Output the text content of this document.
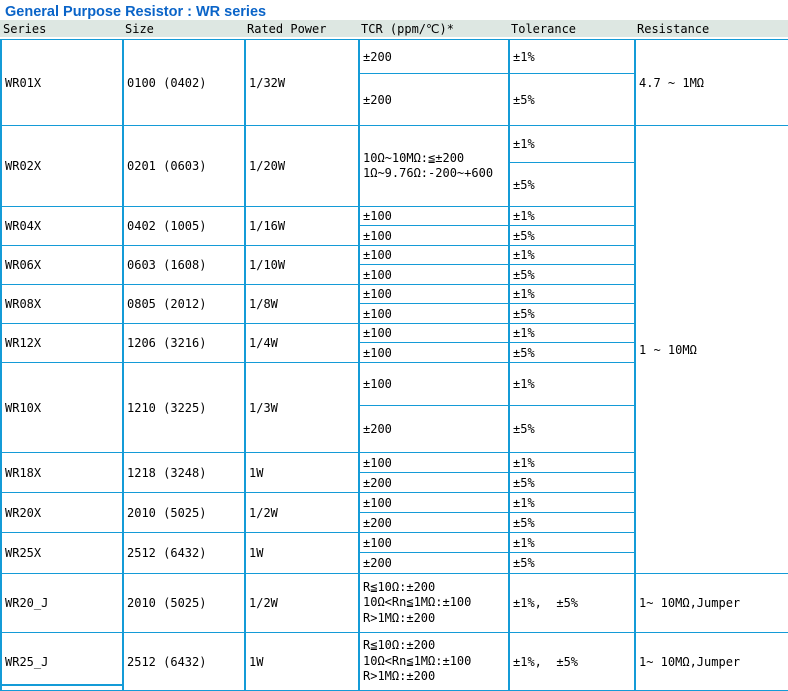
General Purpose Resistor : WR series
Series	Size	Rated Power	TCR (ppm/℃)*	Tolerance	Resistance
WR01X	0100 (0402)	1/32W	±200	±1%	4.7 ~ 1MΩ
			±200	±5%	
WR02X	0201 (0603)	1/20W	10Ω~10MΩ:≦±200
1Ω~9.76Ω:-200~+600	±1%	1 ~ 10MΩ
				±5%	
WR04X	0402 (1005)	1/16W	±100	±1%	
			±100	±5%	
WR06X	0603 (1608)	1/10W	±100	±1%	
			±100	±5%	
WR08X	0805 (2012)	1/8W	±100	±1%	
			±100	±5%	
WR12X	1206 (3216)	1/4W	±100	±1%	
			±100	±5%	
WR10X	1210 (3225)	1/3W	±100	±1%	
			±200	±5%	
WR18X	1218 (3248)	1W	±100	±1%	
			±200	±5%	
WR20X	2010 (5025)	1/2W	±100	±1%	
			±200	±5%	
WR25X	2512 (6432)	1W	±100	±1%	
			±200	±5%	
WR20_J	2010 (5025)	1/2W	R≦10Ω:±200
10Ω<Rn≦1MΩ:±100
R>1MΩ:±200	±1%,  ±5%	1~ 10MΩ,Jumper
WR25_J	2512 (6432)	1W	R≦10Ω:±200
10Ω<Rn≦1MΩ:±100
R>1MΩ:±200	±1%,  ±5%	1~ 10MΩ,Jumper
